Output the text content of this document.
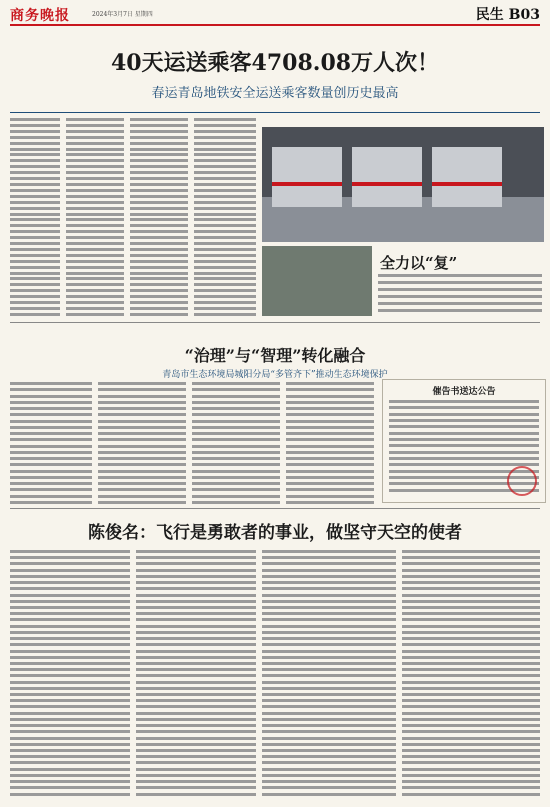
商务晚报	2024年3月7日 星期四	民生 B03
40天运送乘客4708.08万人次！
春运青岛地铁安全运送乘客数量创历史最高
全力以“复”
“治理”与“智理”转化融合
青岛市生态环境局城阳分局“多管齐下”推动生态环境保护
催告书送达公告
陈俊名：飞行是勇敢者的事业，做坚守天空的使者
